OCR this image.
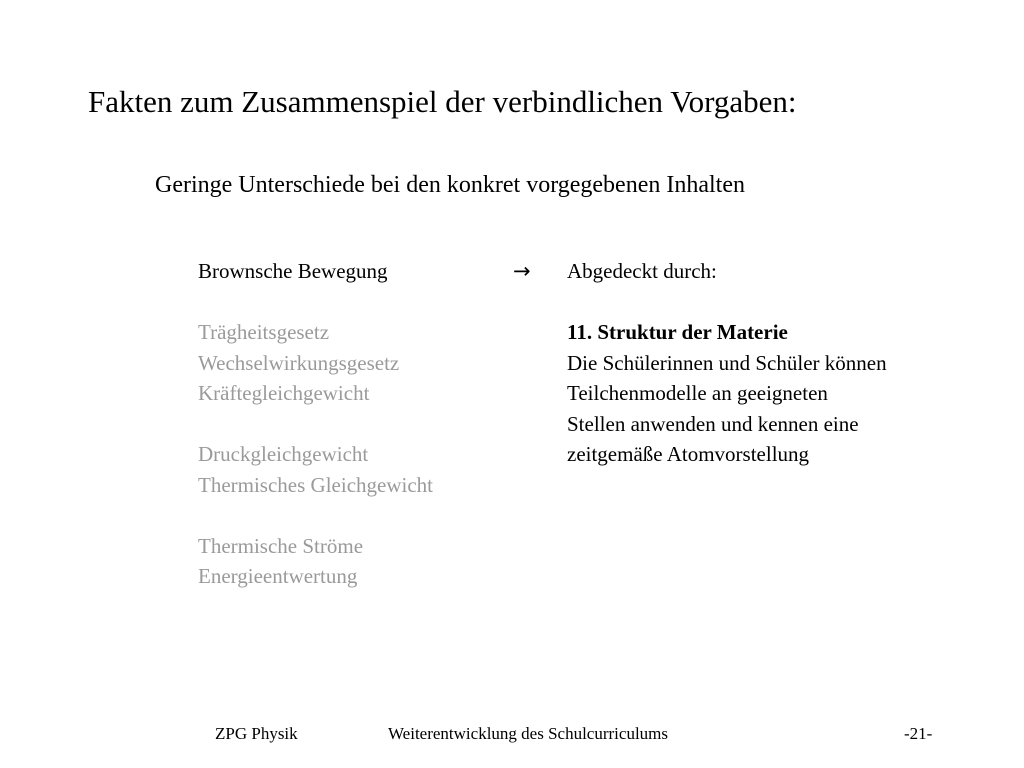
Fakten zum Zusammenspiel der verbindlichen Vorgaben:
Geringe Unterschiede bei den konkret vorgegebenen Inhalten
Brownsche Bewegung
Trägheitsgesetz
Wechselwirkungsgesetz
Kräftegleichgewicht
Druckgleichgewicht
Thermisches Gleichgewicht
Thermische Ströme
Energieentwertung
→ Abgedeckt durch:
11. Struktur der Materie
Die Schülerinnen und Schüler können
Teilchenmodelle an geeigneten
Stellen anwenden und kennen eine
zeitgemäße Atomvorstellung
ZPG Physik	Weiterentwicklung des Schulcurriculums	-21-
